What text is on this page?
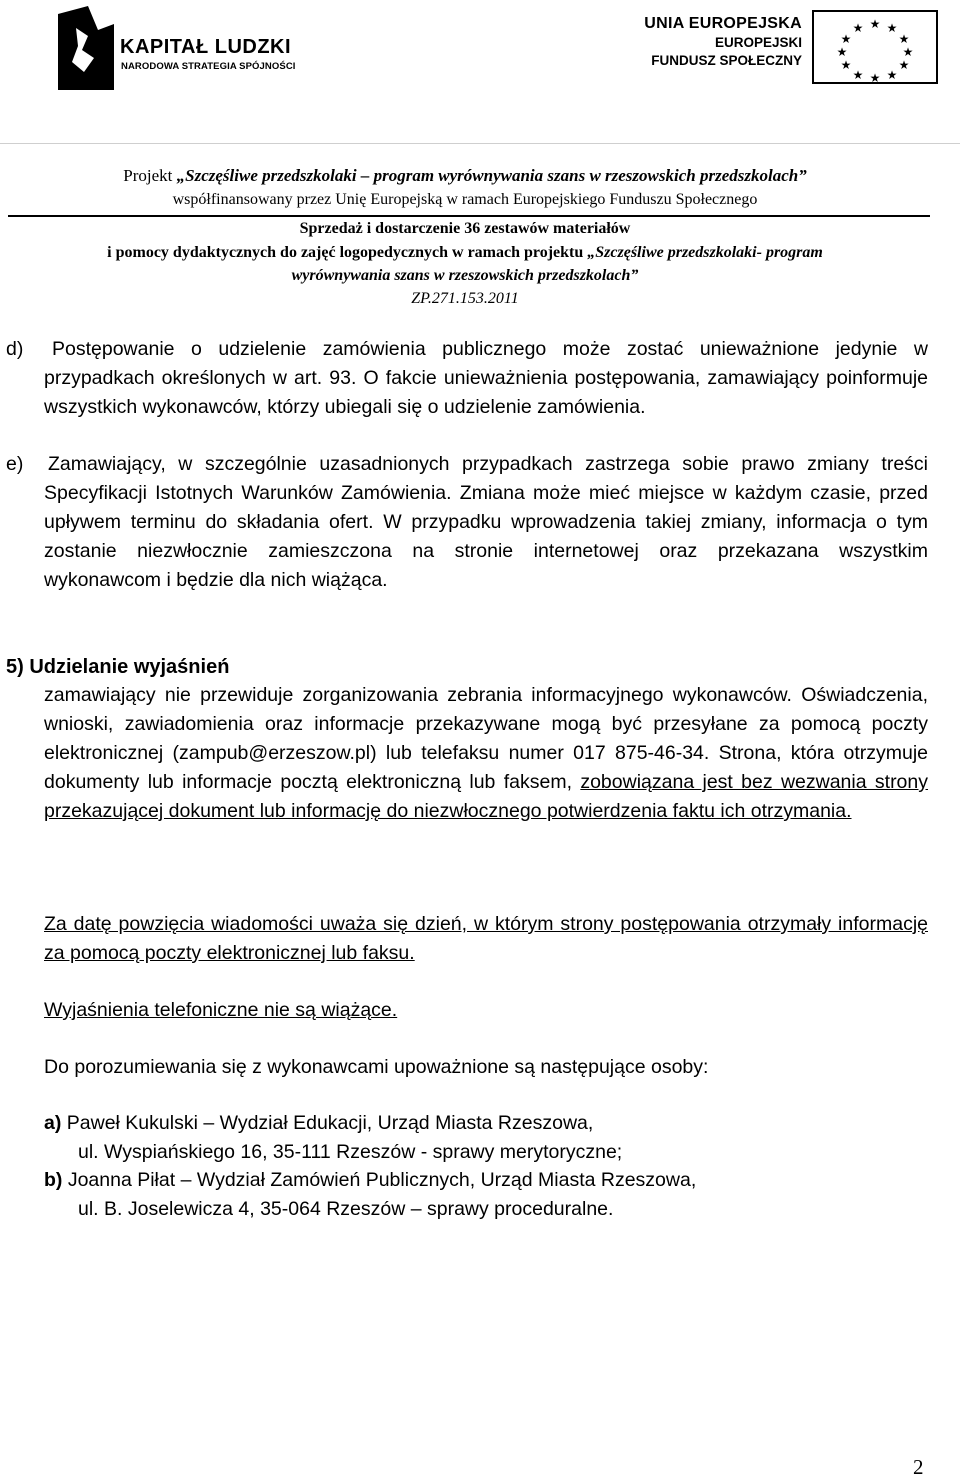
KAPITAŁ LUDZKI
NARODOWA STRATEGIA SPÓJNOŚCI
UNIA EUROPEJSKA
EUROPEJSKI
FUNDUSZ SPOŁECZNY
★ ★
★
★
★
★
★
★
★
★
★
★
Projekt „Szczęśliwe przedszkolaki – program wyrównywania szans w rzeszowskich przedszkolach”
współfinansowany przez Unię Europejską w ramach Europejskiego Funduszu Społecznego
Sprzedaż i dostarczenie 36 zestawów materiałów
i pomocy dydaktycznych do zajęć logopedycznych w ramach projektu „Szczęśliwe przedszkolaki- program
wyrównywania szans w rzeszowskich przedszkolach”
ZP.271.153.2011
d)	Postępowanie o udzielenie zamówienia publicznego może zostać unieważnione jedynie w przypadkach określonych w art. 93. O fakcie unieważnienia postępowania, zamawiający poinformuje wszystkich wykonawców, którzy ubiegali się o udzielenie zamówienia.
e) Zamawiający, w szczególnie uzasadnionych przypadkach zastrzega sobie prawo zmiany treści Specyfikacji Istotnych Warunków Zamówienia. Zmiana może mieć miejsce w każdym czasie, przed upływem terminu do składania ofert. W przypadku wprowadzenia takiej zmiany, informacja o tym zostanie niezwłocznie zamieszczona na stronie internetowej oraz przekazana wszystkim wykonawcom i będzie dla nich wiążąca.
5) Udzielanie wyjaśnień
zamawiający nie przewiduje zorganizowania zebrania informacyjnego wykonawców. Oświadczenia, wnioski, zawiadomienia oraz informacje przekazywane mogą być przesyłane za pomocą poczty elektronicznej (zampub@erzeszow.pl) lub telefaksu numer 017 875-46-34. Strona, która otrzymuje dokumenty lub informacje pocztą elektroniczną lub faksem, zobowiązana jest bez wezwania strony przekazującej dokument lub informację do niezwłocznego potwierdzenia faktu ich otrzymania.
Za datę powzięcia wiadomości uważa się dzień, w którym strony postępowania otrzymały informację za pomocą poczty elektronicznej lub faksu.
Wyjaśnienia telefoniczne nie są wiążące.
Do porozumiewania się z wykonawcami upoważnione są następujące osoby:
a) Paweł Kukulski – Wydział Edukacji, Urząd Miasta Rzeszowa,
ul. Wyspiańskiego 16, 35-111 Rzeszów - sprawy merytoryczne;
b) Joanna Piłat – Wydział Zamówień Publicznych, Urząd Miasta Rzeszowa,
ul. B. Joselewicza 4, 35-064 Rzeszów – sprawy proceduralne.
2
